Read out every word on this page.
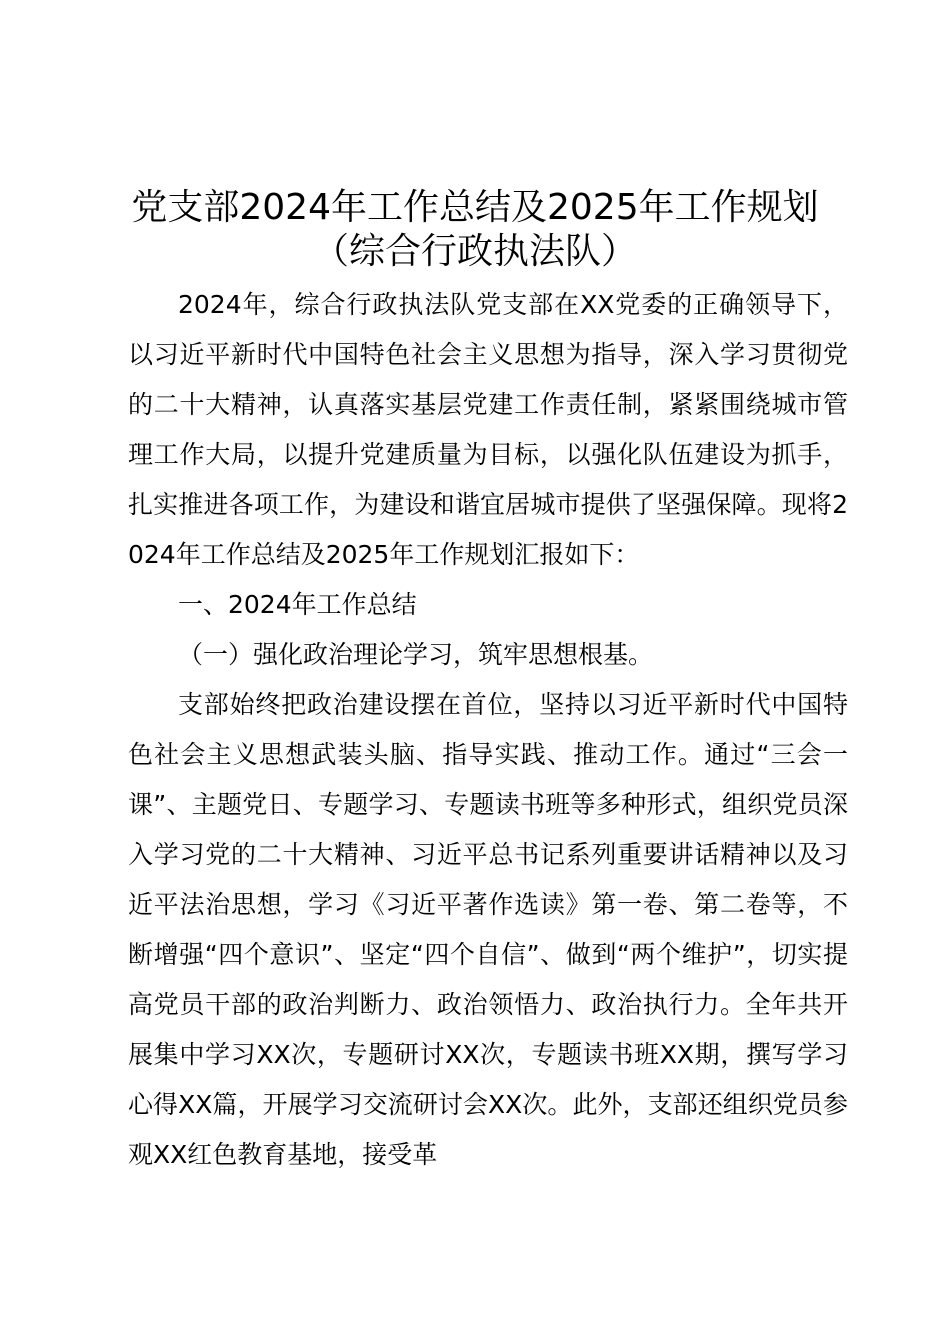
党支部2024年工作总结及2025年工作规划
（综合行政执法队）

2024年，综合行政执法队党支部在XX党委的正确领导下，以习近平新时代中国特色社会主义思想为指导，深入学习贯彻党的二十大精神，认真落实基层党建工作责任制，紧紧围绕城市管理工作大局，以提升党建质量为目标，以强化队伍建设为抓手，扎实推进各项工作，为建设和谐宜居城市提供了坚强保障。现将2024年工作总结及2025年工作规划汇报如下：

一、2024年工作总结

（一）强化政治理论学习，筑牢思想根基。

支部始终把政治建设摆在首位，坚持以习近平新时代中国特色社会主义思想武装头脑、指导实践、推动工作。通过“三会一课”、主题党日、专题学习、专题读书班等多种形式，组织党员深入学习党的二十大精神、习近平总书记系列重要讲话精神以及习近平法治思想，学习《习近平著作选读》第一卷、第二卷等，不断增强“四个意识”、坚定“四个自信”、做到“两个维护”，切实提高党员干部的政治判断力、政治领悟力、政治执行力。全年共开展集中学习XX次，专题研讨XX次，专题读书班XX期，撰写学习心得XX篇，开展学习交流研讨会XX次。此外，支部还组织党员参观XX红色教育基地，接受革
